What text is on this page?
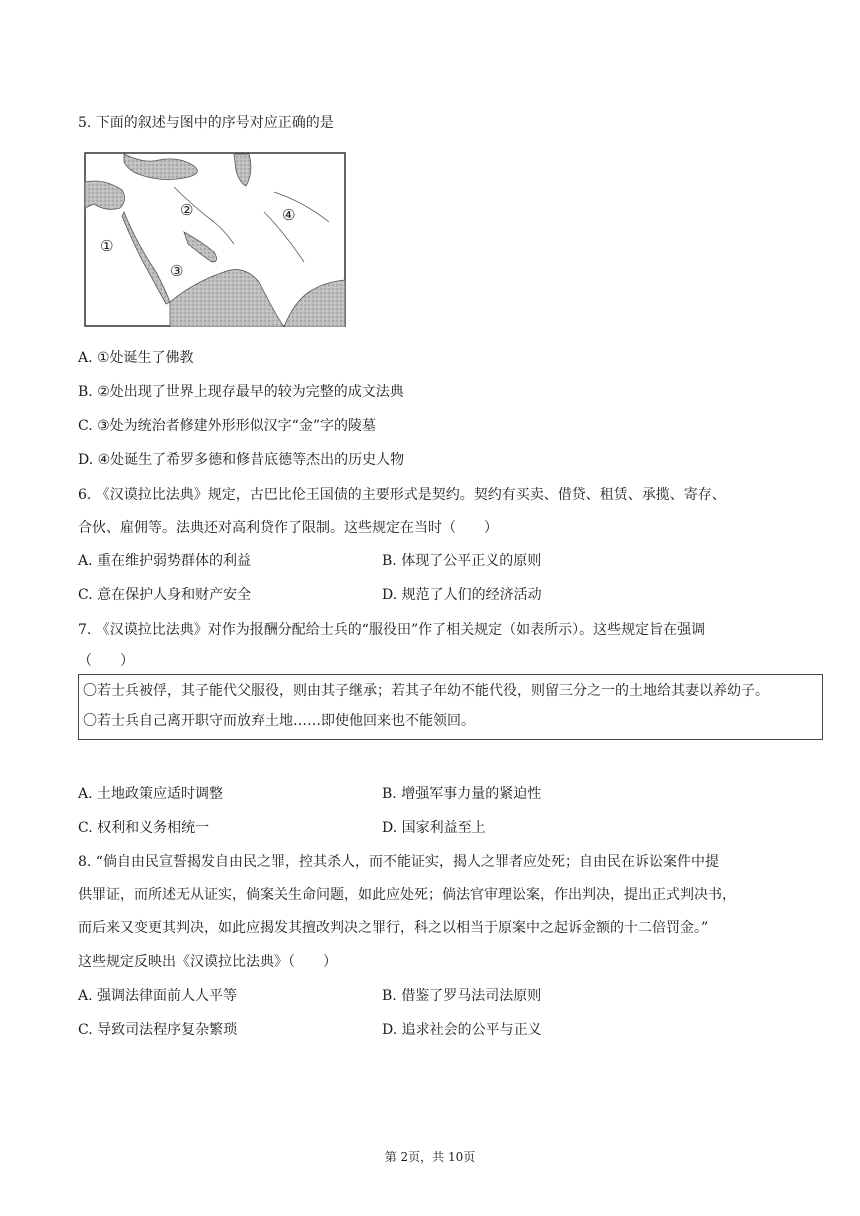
5. 下面的叙述与图中的序号对应正确的是
①
②
③
④
A. ①处诞生了佛教
B. ②处出现了世界上现存最早的较为完整的成文法典
C. ③处为统治者修建外形形似汉字“金”字的陵墓
D. ④处诞生了希罗多德和修昔底德等杰出的历史人物
6. 《汉谟拉比法典》规定，古巴比伦王国债的主要形式是契约。契约有买卖、借贷、租赁、承揽、寄存、
合伙、雇佣等。法典还对高利贷作了限制。这些规定在当时（　　）
A. 重在维护弱势群体的利益	B. 体现了公平正义的原则
C. 意在保护人身和财产安全	D. 规范了人们的经济活动
7. 《汉谟拉比法典》对作为报酬分配给士兵的“服役田”作了相关规定（如表所示）。这些规定旨在强调
（　　）
〇若士兵被俘，其子能代父服役，则由其子继承；若其子年幼不能代役，则留三分之一的土地给其妻以养幼子。
〇若士兵自己离开职守而放弃土地……即使他回来也不能领回。
A. 土地政策应适时调整	B. 增强军事力量的紧迫性
C. 权利和义务相统一	D. 国家利益至上
8. “倘自由民宣誓揭发自由民之罪，控其杀人，而不能证实，揭人之罪者应处死；自由民在诉讼案件中提
供罪证，而所述无从证实，倘案关生命问题，如此应处死；倘法官审理讼案，作出判决，提出正式判决书，
而后来又变更其判决，如此应揭发其擅改判决之罪行，科之以相当于原案中之起诉金额的十二倍罚金。”
这些规定反映出《汉谟拉比法典》（　　）
A. 强调法律面前人人平等	B. 借鉴了罗马法司法原则
C. 导致司法程序复杂繁琐	D. 追求社会的公平与正义
第 2页，共 10页
